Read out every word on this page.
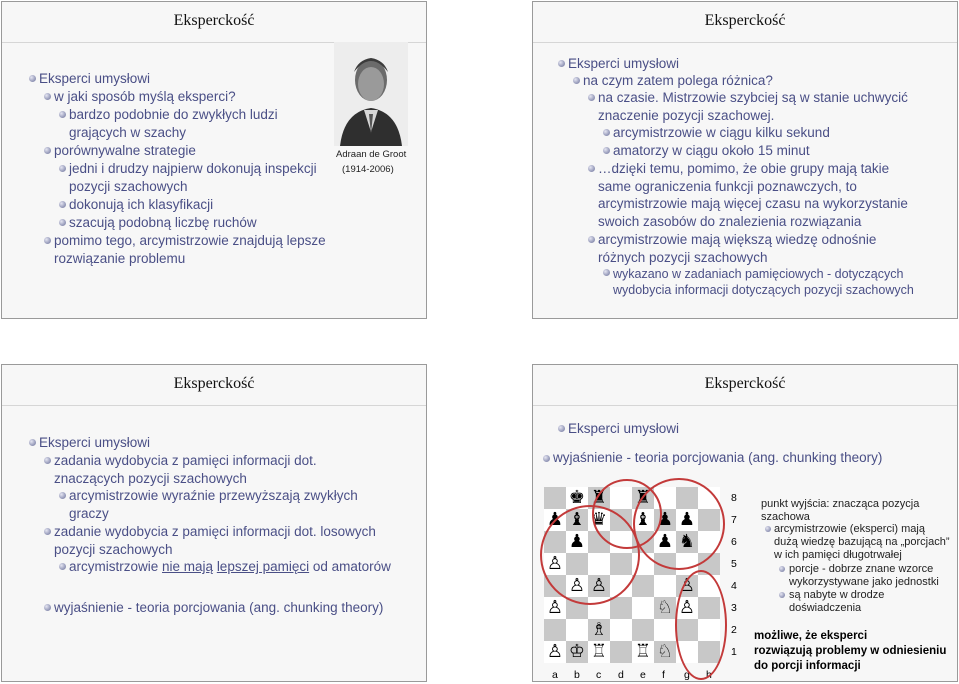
Eksperckość
Adraan de Groot
(1914-2006)
Eksperci umysłowi
w jaki sposób myślą eksperci?
bardzo podobnie do zwykłych ludzi
grających w szachy
porównywalne strategie
jedni i drudzy najpierw dokonują inspekcji
pozycji szachowych
dokonują ich klasyfikacji
szacują podobną liczbę ruchów
pomimo tego, arcymistrzowie znajdują lepsze
rozwiązanie problemu
Eksperckość
Eksperci umysłowi
na czym zatem polega różnica?
na czasie. Mistrzowie szybciej są w stanie uchwycić
znaczenie pozycji szachowej.
arcymistrzowie w ciągu kilku sekund
amatorzy w ciągu około 15 minut
…dzięki temu, pomimo, że obie grupy mają takie
same ograniczenia funkcji poznawczych, to
arcymistrzowie mają więcej czasu na wykorzystanie
swoich zasobów do znalezienia rozwiązania
arcymistrzowie mają większą wiedzę odnośnie
różnych pozycji szachowych
wykazano w zadaniach pamięciowych - dotyczących
wydobycia informacji dotyczących pozycji szachowych
Eksperckość
Eksperci umysłowi
zadania wydobycia z pamięci informacji dot.
znaczących pozycji szachowych
arcymistrzowie wyraźnie przewyższają zwykłych
graczy
zadanie wydobycia z pamięci informacji dot. losowych
pozycji szachowych
arcymistrzowie nie mają lepszej pamięci od amatorów
wyjaśnienie - teoria porcjowania (ang. chunking theory)
Eksperckość
Eksperci umysłowi
wyjaśnienie - teoria porcjowania (ang. chunking theory)
punkt wyjścia: znacząca pozycja
szachowa
arcymistrzowie (eksperci) mają
dużą wiedzę bazującą na „porcjach”
w ich pamięci długotrwałej
porcje - dobrze znane wzorce
wykorzystywane jako jednostki
są nabyte w drodze
doświadczenia
możliwe, że eksperci
rozwiązują problemy w odniesieniu
do porcji informacji
♚ ♜ ♜
♟ ♝ ♛ ♝ ♟ ♟
♟	♟ ♞
♙
♙ ♙	♙
♙	♘ ♙
♗
♙ ♔ ♖ ♖ ♘
8
7
6
5
4
3
2
1
a b c d e f g h
